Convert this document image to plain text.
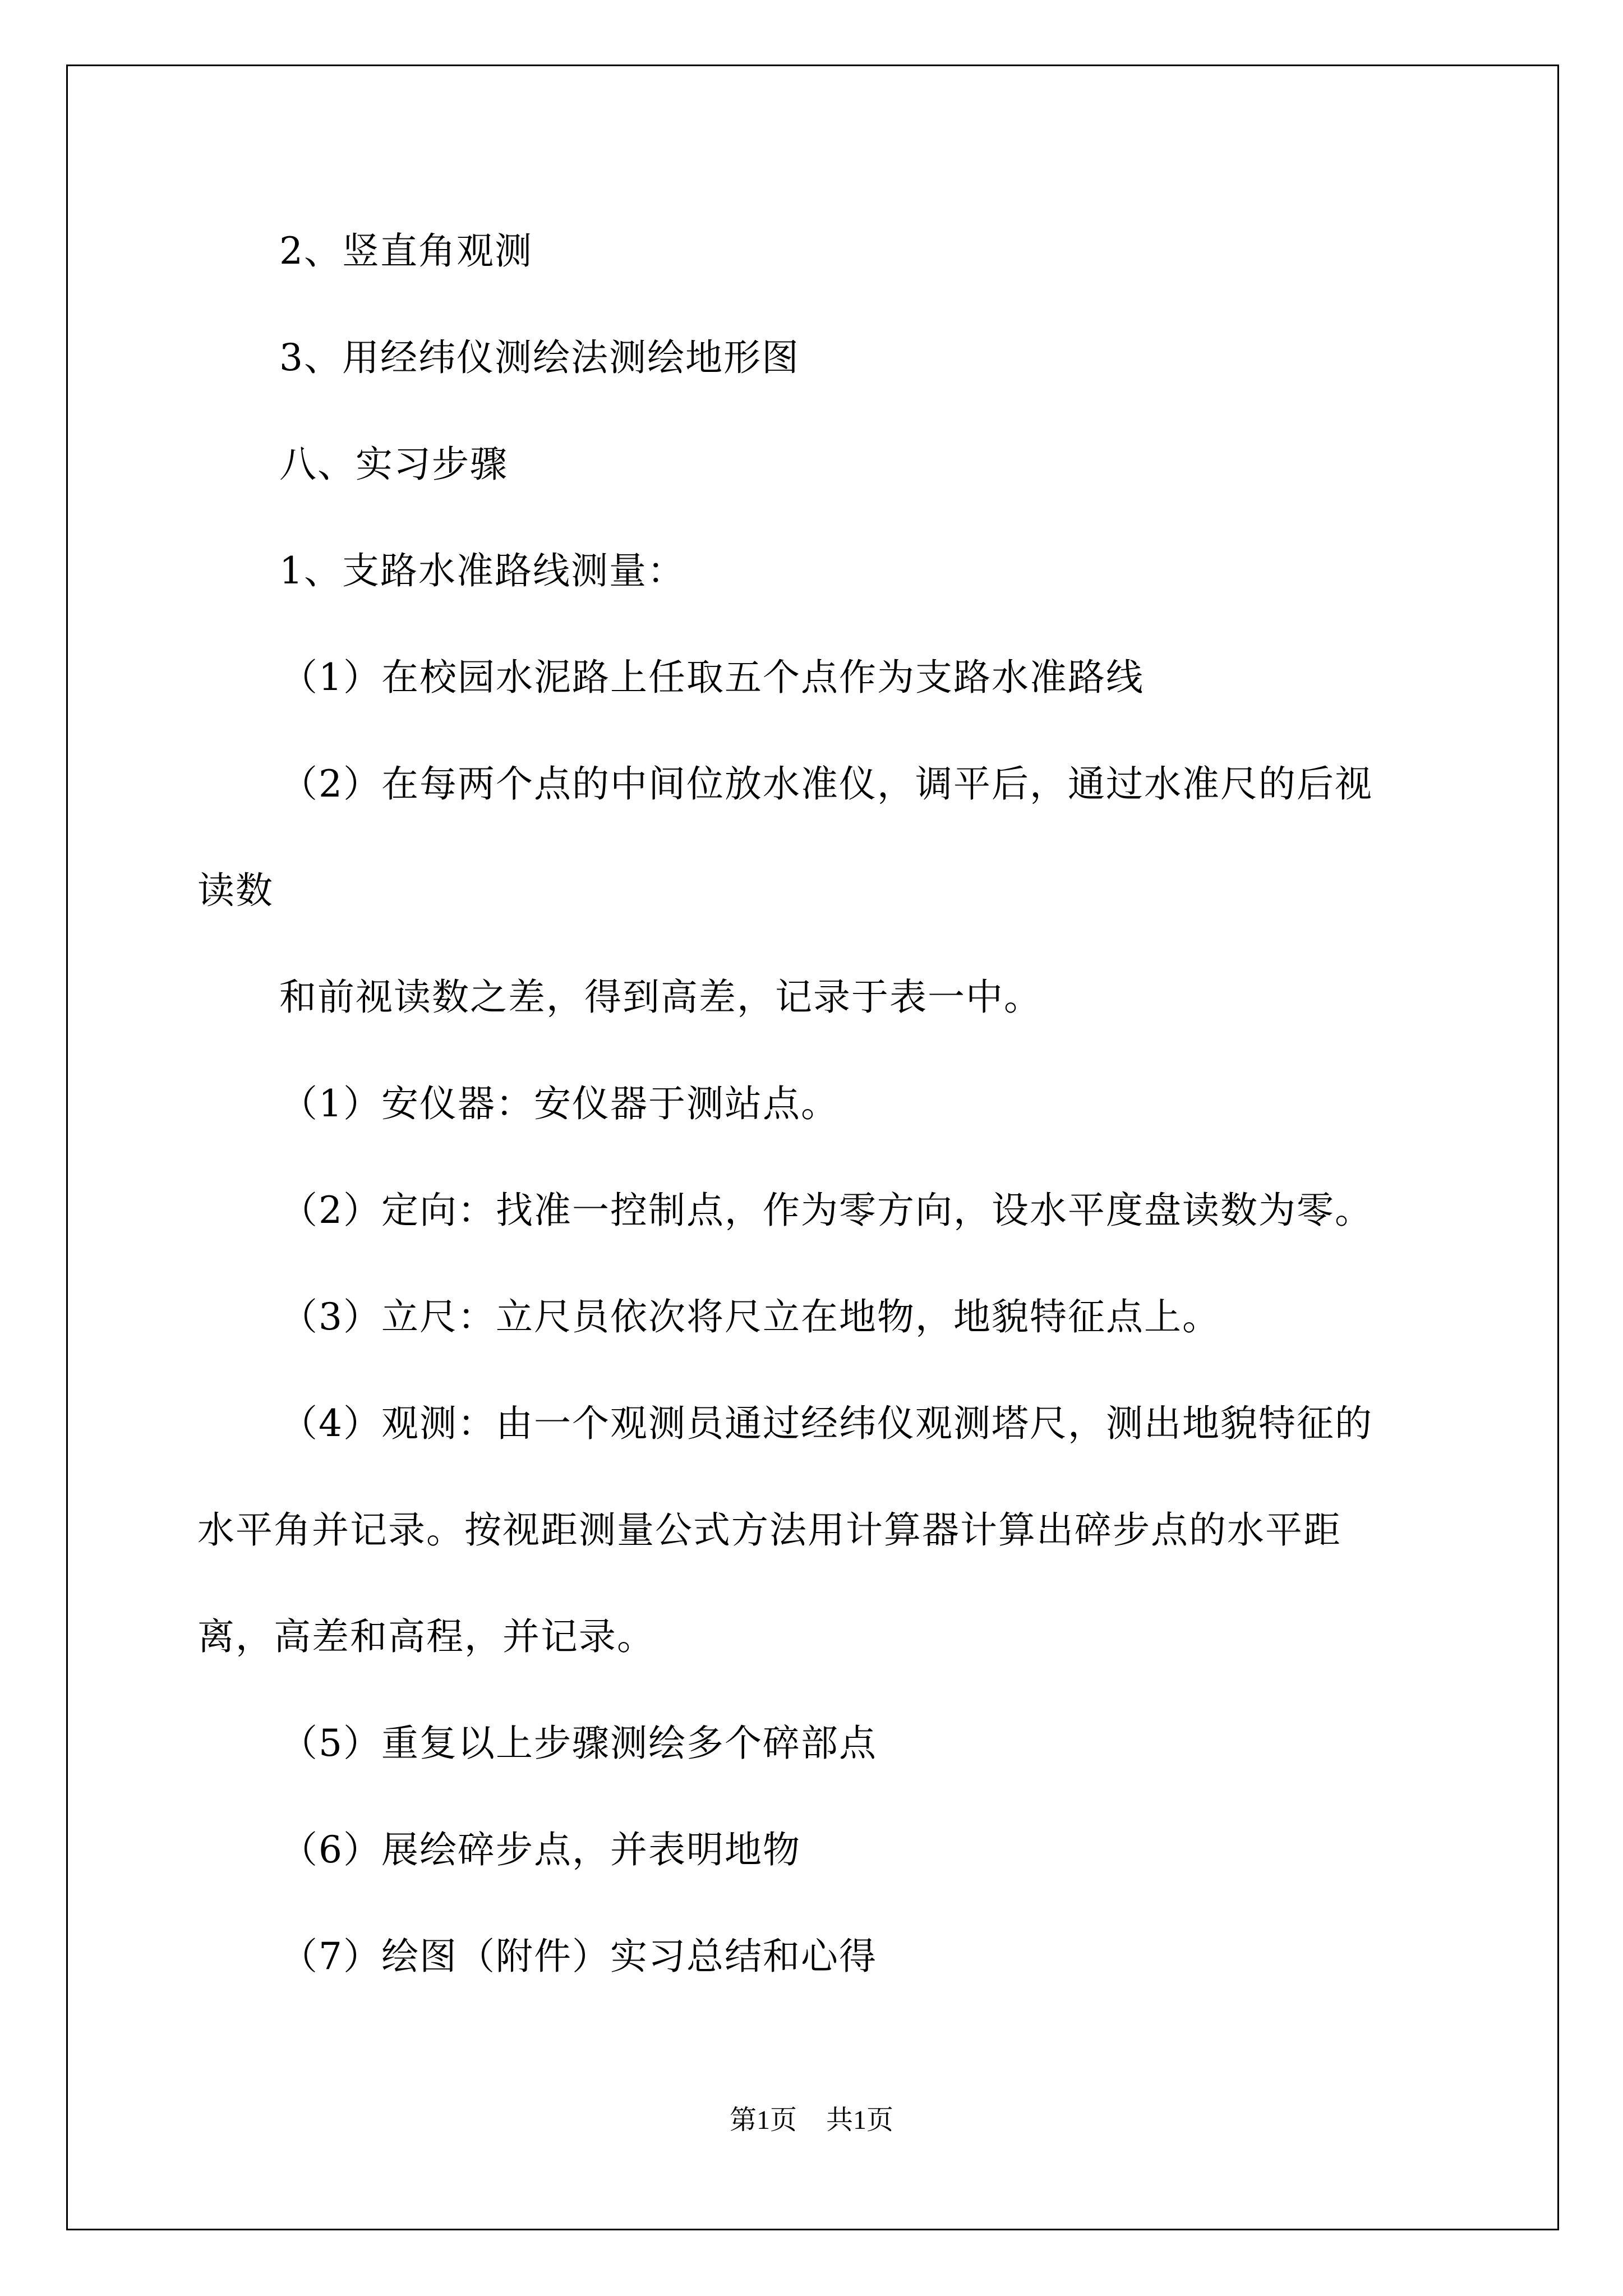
2、竖直角观测
3、用经纬仪测绘法测绘地形图
八、实习步骤
1、支路水准路线测量：
（1）在校园水泥路上任取五个点作为支路水准路线
（2）在每两个点的中间位放水准仪，调平后，通过水准尺的后视
读数
和前视读数之差，得到高差，记录于表一中。
（1）安仪器：安仪器于测站点。
（2）定向：找准一控制点，作为零方向，设水平度盘读数为零。
（3）立尺：立尺员依次将尺立在地物，地貌特征点上。
（4）观测：由一个观测员通过经纬仪观测塔尺，测出地貌特征的
水平角并记录。按视距测量公式方法用计算器计算出碎步点的水平距
离，高差和高程，并记录。
（5）重复以上步骤测绘多个碎部点
（6）展绘碎步点，并表明地物
（7）绘图（附件）实习总结和心得
第1页 共1页
